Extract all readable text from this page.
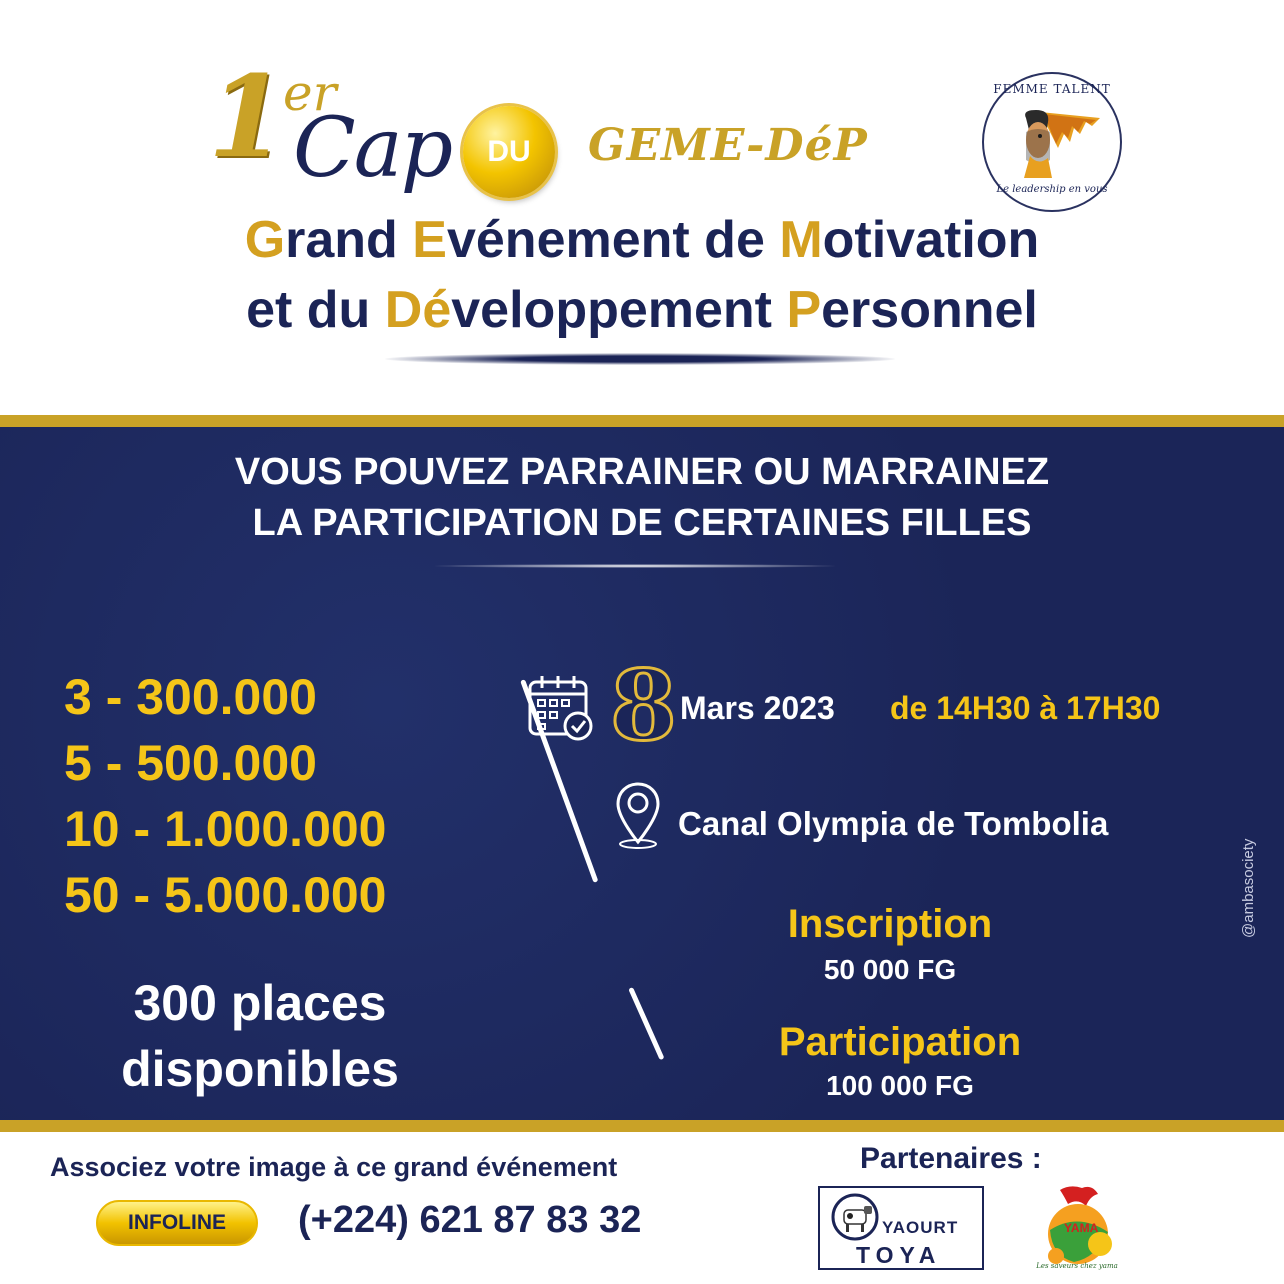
1
er
Cap	DU	GEME-DéP
FEMME TALENT
Le leadership en vous
Grand Evénement de Motivation
et du Développement Personnel
VOUS POUVEZ PARRAINER OU MARRAINEZ
LA PARTICIPATION DE CERTAINES FILLES
3 - 300.000
5 - 500.000
10 - 1.000.000
50 - 5.000.000
8 Mars 2023 de 14H30 à 17H30
Canal Olympia de Tombolia
@ambasociety
Inscription
50 000 FG
Participation
100 000 FG
300 places
disponibles
Associez votre image à ce grand événement
INFOLINE	(+224) 621 87 83 32
Partenaires :
YAOURT
TOYA
YAMA
Les saveurs chez yama
